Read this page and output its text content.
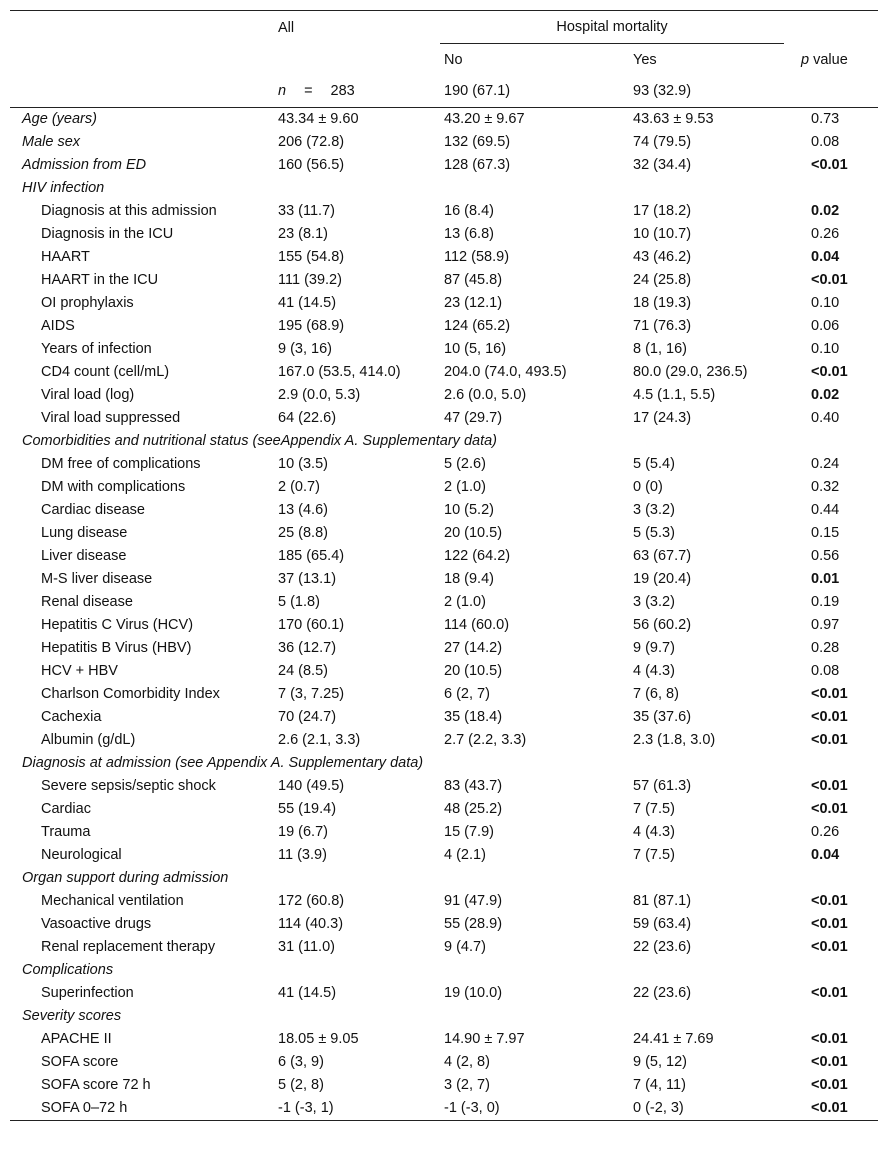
	All	Hospital mortality		

		No	Yes	p value
	n = 283	190 (67.1)	93 (32.9)	
Age (years)	43.34 ± 9.60	43.20 ± 9.67	43.63 ± 9.53	0.73
Male sex	206 (72.8)	132 (69.5)	74 (79.5)	0.08
Admission from ED	160 (56.5)	128 (67.3)	32 (34.4)	<0.01
HIV infection				
Diagnosis at this admission	33 (11.7)	16 (8.4)	17 (18.2)	0.02
Diagnosis in the ICU	23 (8.1)	13 (6.8)	10 (10.7)	0.26
HAART	155 (54.8)	112 (58.9)	43 (46.2)	0.04
HAART in the ICU	111 (39.2)	87 (45.8)	24 (25.8)	<0.01
OI prophylaxis	41 (14.5)	23 (12.1)	18 (19.3)	0.10
AIDS	195 (68.9)	124 (65.2)	71 (76.3)	0.06
Years of infection	9 (3, 16)	10 (5, 16)	8 (1, 16)	0.10
CD4 count (cell/mL)	167.0 (53.5, 414.0)	204.0 (74.0, 493.5)	80.0 (29.0, 236.5)	<0.01
Viral load (log)	2.9 (0.0, 5.3)	2.6 (0.0, 5.0)	4.5 (1.1, 5.5)	0.02
Viral load suppressed	64 (22.6)	47 (29.7)	17 (24.3)	0.40
Comorbidities and nutritional status (seeAppendix A. Supplementary data)				
DM free of complications	10 (3.5)	5 (2.6)	5 (5.4)	0.24
DM with complications	2 (0.7)	2 (1.0)	0 (0)	0.32
Cardiac disease	13 (4.6)	10 (5.2)	3 (3.2)	0.44
Lung disease	25 (8.8)	20 (10.5)	5 (5.3)	0.15
Liver disease	185 (65.4)	122 (64.2)	63 (67.7)	0.56
M-S liver disease	37 (13.1)	18 (9.4)	19 (20.4)	0.01
Renal disease	5 (1.8)	2 (1.0)	3 (3.2)	0.19
Hepatitis C Virus (HCV)	170 (60.1)	114 (60.0)	56 (60.2)	0.97
Hepatitis B Virus (HBV)	36 (12.7)	27 (14.2)	9 (9.7)	0.28
HCV + HBV	24 (8.5)	20 (10.5)	4 (4.3)	0.08
Charlson Comorbidity Index	7 (3, 7.25)	6 (2, 7)	7 (6, 8)	<0.01
Cachexia	70 (24.7)	35 (18.4)	35 (37.6)	<0.01
Albumin (g/dL)	2.6 (2.1, 3.3)	2.7 (2.2, 3.3)	2.3 (1.8, 3.0)	<0.01
Diagnosis at admission (see Appendix A. Supplementary data)				
Severe sepsis/septic shock	140 (49.5)	83 (43.7)	57 (61.3)	<0.01
Cardiac	55 (19.4)	48 (25.2)	7 (7.5)	<0.01
Trauma	19 (6.7)	15 (7.9)	4 (4.3)	0.26
Neurological	11 (3.9)	4 (2.1)	7 (7.5)	0.04
Organ support during admission				
Mechanical ventilation	172 (60.8)	91 (47.9)	81 (87.1)	<0.01
Vasoactive drugs	114 (40.3)	55 (28.9)	59 (63.4)	<0.01
Renal replacement therapy	31 (11.0)	9 (4.7)	22 (23.6)	<0.01
Complications				
Superinfection	41 (14.5)	19 (10.0)	22 (23.6)	<0.01
Severity scores				
APACHE II	18.05 ± 9.05	14.90 ± 7.97	24.41 ± 7.69	<0.01
SOFA score	6 (3, 9)	4 (2, 8)	9 (5, 12)	<0.01
SOFA score 72 h	5 (2, 8)	3 (2, 7)	7 (4, 11)	<0.01
SOFA 0–72 h	-1 (-3, 1)	-1 (-3, 0)	0 (-2, 3)	<0.01
